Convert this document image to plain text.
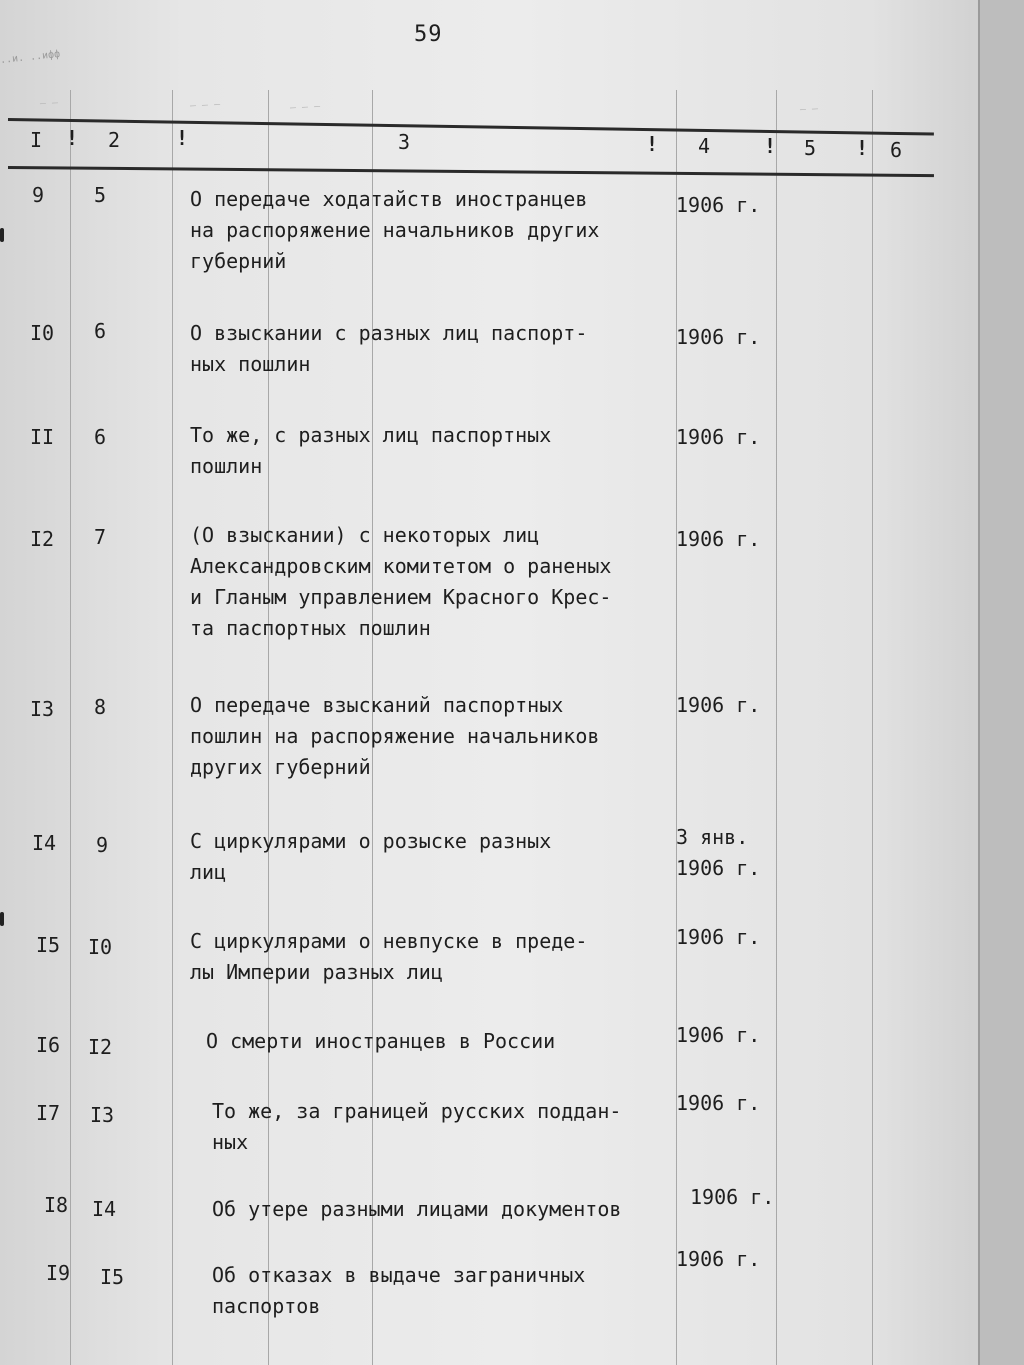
..и. ..ифф
59
— —	— — —	— — —	— —
I ! 2	!	3	! 4	! 5 ! 6
9 5	О передаче ходатайств иностранцев
на распоряжение начальников других
губерний
1906 г.
I0 6	О взыскании с разных лиц паспорт-
ных пошлин
1906 г.
II 6	То же, с разных лиц паспортных
пошлин
1906 г.
I2 7	(О взыскании) с некоторых лиц
Александровским комитетом о раненых
и Гланым управлением Красного Крес-
та паспортных пошлин
1906 г.
I3 8	О передаче взысканий паспортных
пошлин на распоряжение начальников
других губерний
1906 г.
I4 9	С циркулярами о розыске разных
лиц
3 янв.
1906 г.
I5 I0	С циркулярами о невпуске в преде-
лы Империи разных лиц
1906 г.
I6 I2	О смерти иностранцев в России	1906 г.
I7 I3	То же, за границей русских поддан-
ных
1906 г.
I8 I4	Об утере разными лицами документов	1906 г.
I9 I5	Об отказах в выдаче заграничных
паспортов
1906 г.
